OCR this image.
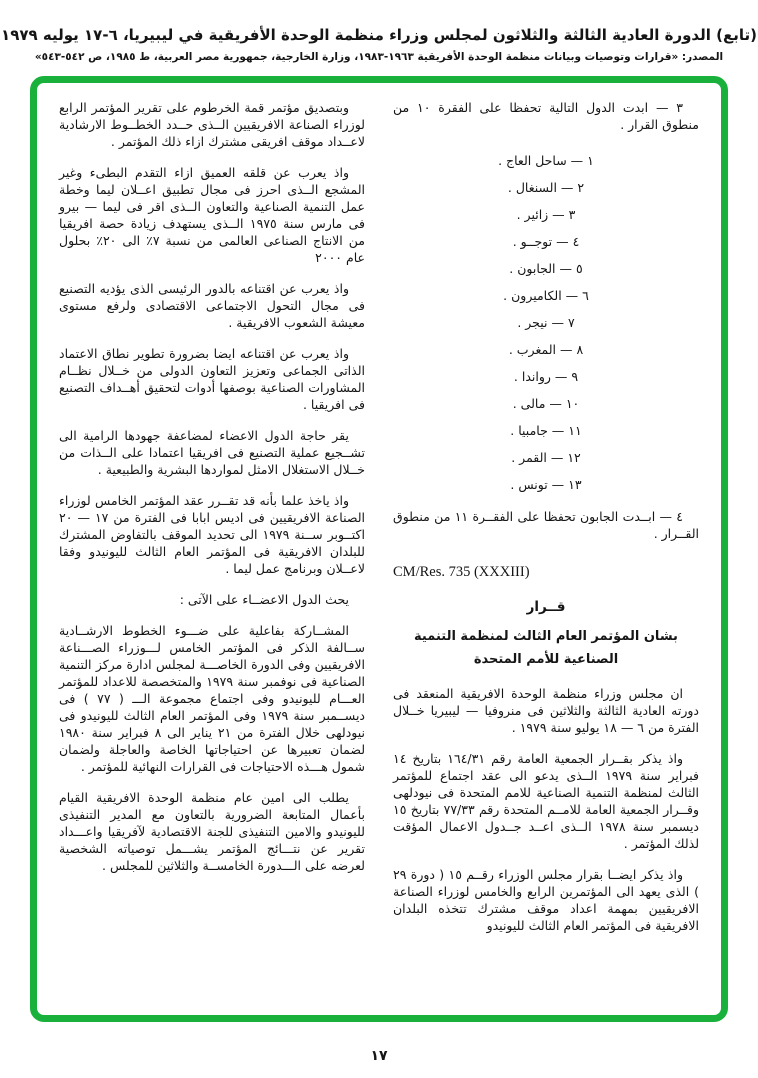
(تابع) الدورة العادية الثالثة والثلاثون لمجلس وزراء منظمة الوحدة الأفريقية في ليبيريا، ٦-١٧ يوليه ١٩٧٩
المصدر: «قرارات وتوصيات وبيانات منظمة الوحدة الأفريقية ١٩٦٣-١٩٨٣، وزارة الخارجية، جمهورية مصر العربية، ط ١٩٨٥، ص ٥٤٢-٥٤٣»

٣ — ابدت الدول التالية تحفظا على الفقرة ١٠ من منطوق القرار .

١ — ساحل العاج .
٢ — السنغال .
٣ — زائير .
٤ — توجــو .
٥ — الجابون .
٦ — الكاميرون .
٧ — نيجر .
٨ — المغرب .
٩ — رواندا .
١٠ — مالى .
١١ — جامبيا .
١٢ — القمر .
١٣ — تونس .

٤ — ابــدت الجابون تحفظا على الفقــرة ١١ من منطوق القــرار .

CM/Res. 735 (XXXIII)
قــرار
بشان المؤتمر العام الثالث لمنظمة التنمية
الصناعية للأمم المتحدة

ان مجلس وزراء منظمة الوحدة الافريقية المنعقد فى دورته العادية الثالثة والثلاثين فى منروفيا — ليبيريا خــلال الفترة من ٦ — ١٨ يوليو سنة ١٩٧٩ .

واذ يذكر بقــرار الجمعية العامة رقم ١٦٤/٣١ بتاريخ ١٤ فبراير سنة ١٩٧٩ الــذى يدعو الى عقد اجتماع للمؤتمر الثالث لمنظمة التنمية الصناعية للامم المتحدة فى نيودلهى وقــرار الجمعية العامة للامــم المتحدة رقم ٧٧/٣٣ بتاريخ ١٥ ديسمبر سنة ١٩٧٨ الــذى اعــد جــدول الاعمال المؤقت لذلك المؤتمر .

واذ يذكر ايضــا بقرار مجلس الوزراء رقــم ١٥ ( دورة ٢٩ ) الذى يعهد الى المؤتمرين الرابع والخامس لوزراء الصناعة الافريقيين بمهمة اعداد موقف مشترك تتخذه البلدان الافريقية فى المؤتمر العام الثالث لليونيدو

وبتصديق مؤتمر قمة الخرطوم على تقرير المؤتمر الرابع لوزراء الصناعة الافريقيين الــذى حــدد الخطــوط الارشادية لاعــداد موقف افريقى مشترك ازاء ذلك المؤتمر .

واذ يعرب عن قلقه العميق ازاء التقدم البطىء وغير المشجع الــذى احرز فى مجال تطبيق اعــلان ليما وخطة عمل التنمية الصناعية والتعاون الــذى اقر فى ليما — بيرو فى مارس سنة ١٩٧٥ الــذى يستهدف زيادة حصة افريقيا من الانتاج الصناعى العالمى من نسبة ٧٪ الى ٢٠٪ بحلول عام ٢٠٠٠

واذ يعرب عن اقتناعه بالدور الرئيسى الذى يؤديه التصنيع فى مجال التحول الاجتماعى الاقتصادى ولرفع مستوى معيشة الشعوب الافريقية .

واذ يعرب عن اقتناعه ايضا بضرورة تطوير نطاق الاعتماد الذاتى الجماعى وتعزيز التعاون الدولى من خــلال نظــام المشاورات الصناعية بوصفها أدوات لتحقيق أهــداف التصنيع فى افريقيا .

يقر حاجة الدول الاعضاء لمضاعفة جهودها الرامية الى تشــجيع عملية التصنيع فى افريقيا اعتمادا على الــذات من خــلال الاستغلال الامثل لمواردها البشرية والطبيعية .

واذ ياخذ علما بأنه قد تقــرر عقد المؤتمر الخامس لوزراء الصناعة الافريقيين فى اديس ابابا فى الفترة من ١٧ — ٢٠ اكتــوبر ســنة ١٩٧٩ الى تحديد الموقف بالتفاوض المشترك للبلدان الافريقية فى المؤتمر العام الثالث لليونيدو وفقا لاعــلان وبرنامج عمل ليما .

يحث الدول الاعضــاء على الآتى :

المشــاركة بفاعلية على ضـــوء الخطوط الارشــادية ســالفة الذكر فى المؤتمر الخامس لـــوزراء الصـــناعة الافريقيين وفى الدورة الخاصـــة لمجلس ادارة مركز التنمية الصناعية فى نوفمبر سنة ١٩٧٩ والمتخصصة للاعداد للمؤتمر العـــام لليونيدو وفى اجتماع مجموعة الـــ ( ٧٧ ) فى ديســمبر سنة ١٩٧٩ وفى المؤتمر العام الثالث لليونيدو فى نيودلهى خلال الفترة من ٢١ يناير الى ٨ فبراير سنة ١٩٨٠ لضمان تعبيرها عن احتياجاتها الخاصة والعاجلة ولضمان شمول هـــذه الاحتياجات فى القرارات النهائية للمؤتمر .

يطلب الى امين عام منظمة الوحدة الافريقية القيام بأعمال المتابعة الضرورية بالتعاون مع المدير التنفيذى لليونيدو والامين التنفيذى للجنة الاقتصادية لآفريقيا واعـــداد تقرير عن نتـــائج المؤتمر يشـــمل توصياته الشخصية لعرضه على الـــدورة الخامســة والثلاثين للمجلس .

١٧
